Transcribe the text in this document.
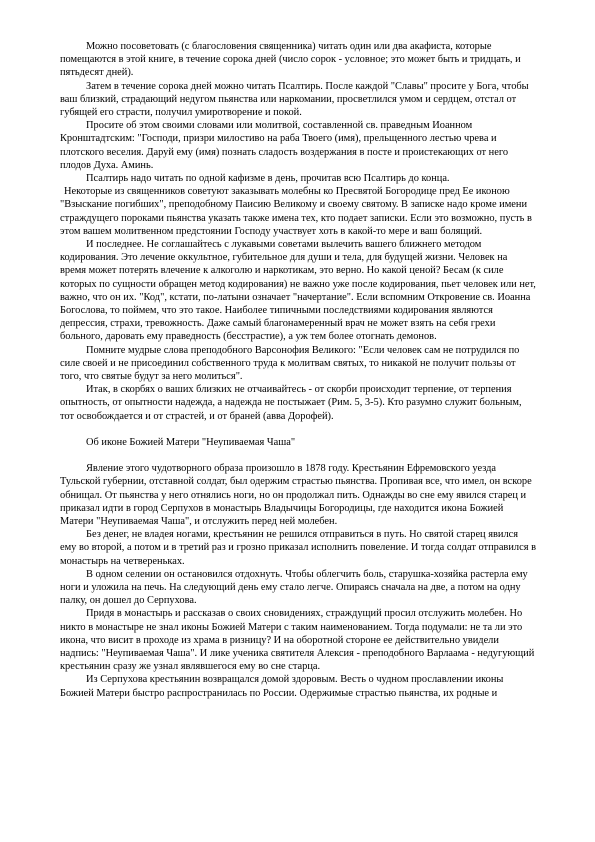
Можно посоветовать (с благословения священника) читать один или два акафиста, которые помещаются в этой книге, в течение сорока дней (число сорок - условное; это может быть и тридцать, и пятьдесят дней).

Затем в течение сорока дней можно читать Псалтирь. После каждой "Славы" просите у Бога, чтобы ваш близкий, страдающий недугом пьянства или наркомании, просветлился умом и сердцем, отстал от губящей его страсти, получил умиротворение и покой.

Просите об этом своими словами или молитвой, составленной св. праведным Иоанном Кронштадтским: "Господи, призри милостиво на раба Твоего (имя), прельщенного лестью чрева и плотского веселия. Даруй ему (имя) познать сладость воздержания в посте и проистекающих от него плодов Духа. Аминь.

Псалтирь надо читать по одной кафизме в день, прочитав всю Псалтирь до конца.

Некоторые из священников советуют заказывать молебны ко Пресвятой Богородице пред Ее иконою "Взыскание погибших", преподобному Паисию Великому и своему святому. В записке надо кроме имени страждущего пороками пьянства указать также имена тех, кто подает записки. Если это возможно, пусть в этом вашем молитвенном предстоянии Господу участвует хоть в какой-то мере и ваш болящий.

И последнее. Не соглашайтесь с лукавыми советами вылечить вашего ближнего методом кодирования. Это лечение оккультное, губительное для души и тела, для будущей жизни. Человек на время может потерять влечение к алкоголю и наркотикам, это верно. Но какой ценой? Бесам (к силе которых по сущности обращен метод кодирования) не важно уже после кодирования, пьет человек или нет, важно, что он их. "Код", кстати, по-латыни означает "начертание". Если вспомним Откровение св. Иоанна Богослова, то поймем, что это такое. Наиболее типичными последствиями кодирования являются депрессия, страхи, тревожность. Даже самый благонамеренный врач не может взять на себя грехи больного, даровать ему праведность (бесстрастие), а уж тем более отогнать демонов.

Помните мудрые слова преподобного Варсонофия Великого: "Если человек сам не потрудился по силе своей и не присоединил собственного труда к молитвам святых, то никакой не получит пользы от того, что святые будут за него молиться".

Итак, в скорбях о ваших близких не отчаивайтесь - от скорби происходит терпение, от терпения опытность, от опытности надежда, а надежда не постыжает (Рим. 5, 3-5). Кто разумно служит больным, тот освобождается и от страстей, и от браней (авва Дорофей).

Об иконе Божией Матери "Неупиваемая Чаша"

Явление этого чудотворного образа произошло в 1878 году. Крестьянин Ефремовского уезда Тульской губернии, отставной солдат, был одержим страстью пьянства. Пропивая все, что имел, он вскоре обнищал. От пьянства у него отнялись ноги, но он продолжал пить. Однажды во сне ему явился старец и приказал идти в город Серпухов в монастырь Владычицы Богородицы, где находится икона Божией Матери "Неупиваемая Чаша", и отслужить перед ней молебен.

Без денег, не владея ногами, крестьянин не решился отправиться в путь. Но святой старец явился ему во второй, а потом и в третий раз и грозно приказал исполнить повеление. И тогда солдат отправился в монастырь на четвереньках.

В одном селении он остановился отдохнуть. Чтобы облегчить боль, старушка-хозяйка растерла ему ноги и уложила на печь. На следующий день ему стало легче. Опираясь сначала на две, а потом на одну палку, он дошел до Серпухова.

Придя в монастырь и рассказав о своих сновидениях, страждущий просил отслужить молебен. Но никто в монастыре не знал иконы Божией Матери с таким наименованием. Тогда подумали: не та ли это икона, что висит в проходе из храма в ризницу? И на оборотной стороне ее действительно увидели надпись: "Неупиваемая Чаша". И лике ученика святителя Алексия - преподобного Варлаама - недугующий крестьянин сразу же узнал являвшегося ему во сне старца.

Из Серпухова крестьянин возвращался домой здоровым. Весть о чудном прославлении иконы Божией Матери быстро распространилась по России. Одержимые страстью пьянства, их родные и
